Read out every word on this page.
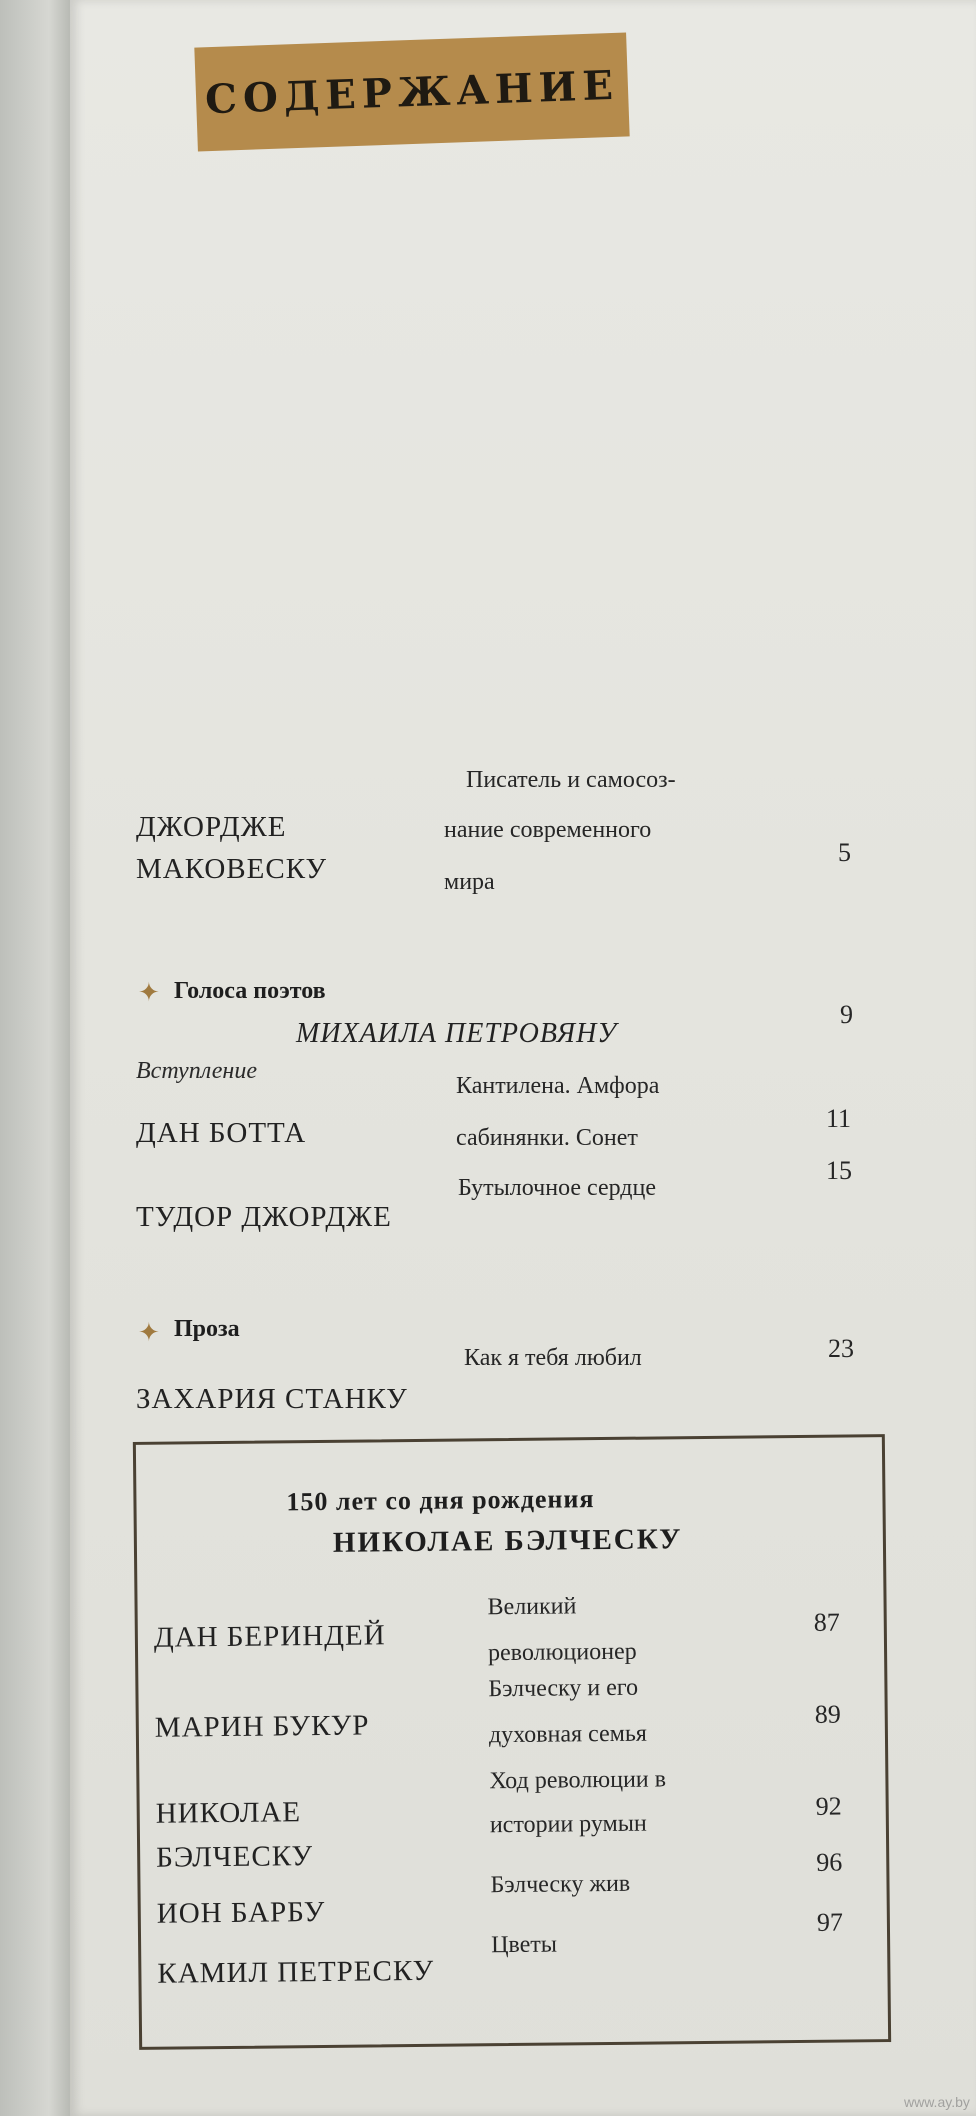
СОДЕРЖАНИЕ
ДЖОРДЖЕ
МАКОВЕСКУ
Писатель и самосоз-
нание современного
мира
5
✦ Голоса поэтов
9
Вступление
МИХАИЛА ПЕТРОВЯНУ
ДАН БОТТА
Кантилена. Амфора
сабинянки. Сонет
11
ТУДОР ДЖОРДЖЕ
Бутылочное сердце
15
✦ Проза
ЗАХАРИЯ СТАНКУ
Как я тебя любил	23
150 лет со дня рождения
НИКОЛАЕ БЭЛЧЕСКУ
ДАН БЕРИНДЕЙ
Великий
революционер
87
МАРИН БУКУР
Бэлческу и его
духовная семья
89
НИКОЛАЕ
БЭЛЧЕСКУ
Ход революции в
истории румын
92
ИОН БАРБУ
Бэлческу жив
96
КАМИЛ ПЕТРЕСКУ
Цветы
97
www.ay.by
